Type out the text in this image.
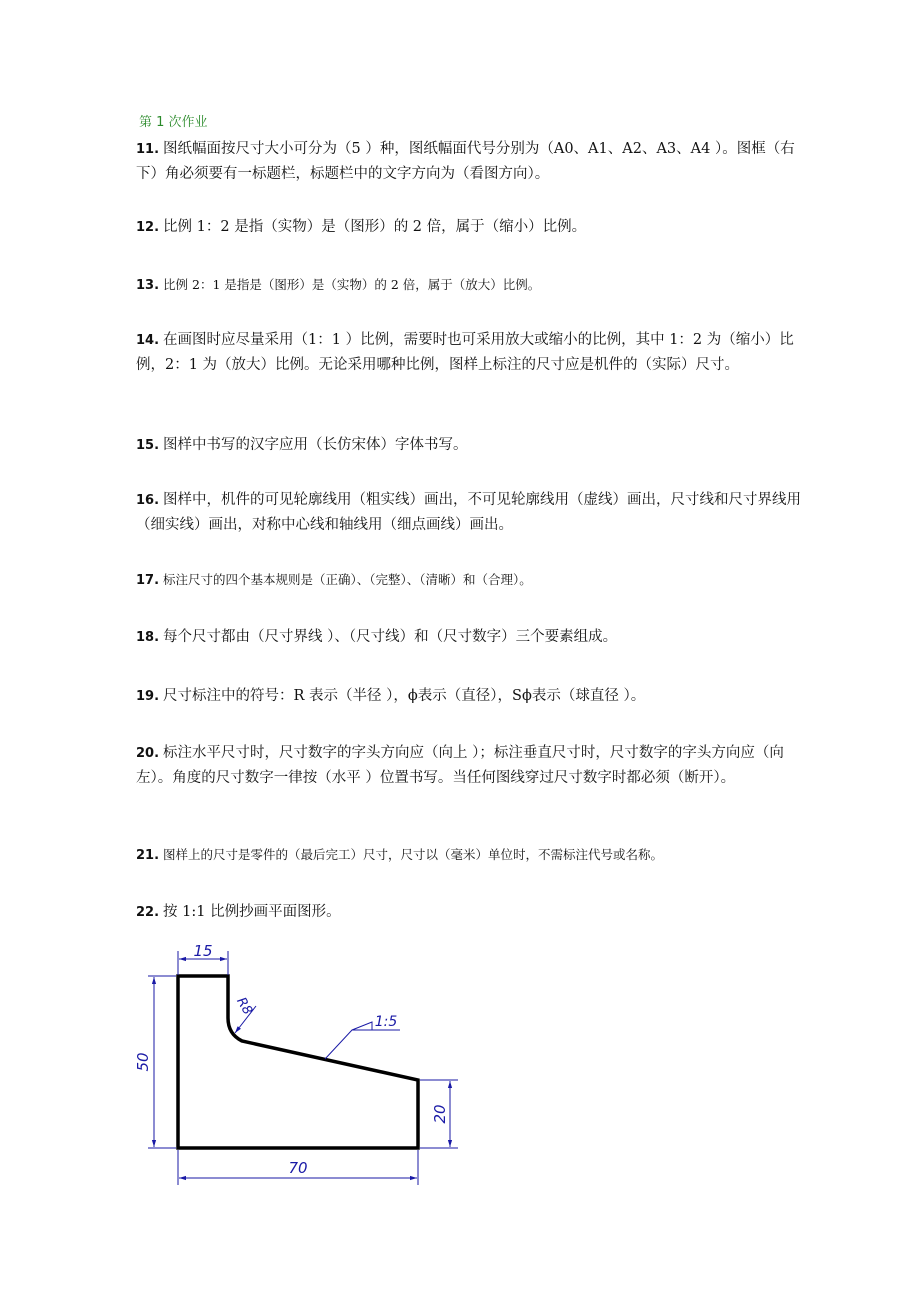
第 1 次作业
11. 图纸幅面按尺寸大小可分为（5 ）种，图纸幅面代号分别为（A0、A1、A2、A3、A4 ）。图框（右下）角必须要有一标题栏，标题栏中的文字方向为（看图方向）。
12. 比例 1：2 是指（实物）是（图形）的 2 倍，属于（缩小）比例。
13. 比例 2：1 是指是（图形）是（实物）的 2 倍，属于（放大）比例。
14. 在画图时应尽量采用（1：1 ）比例，需要时也可采用放大或缩小的比例，其中 1：2 为（缩小）比例，2：1 为（放大）比例。无论采用哪种比例，图样上标注的尺寸应是机件的（实际）尺寸。
15. 图样中书写的汉字应用（长仿宋体）字体书写。
16. 图样中，机件的可见轮廓线用（粗实线）画出，不可见轮廓线用（虚线）画出，尺寸线和尺寸界线用（细实线）画出，对称中心线和轴线用（细点画线）画出。
17. 标注尺寸的四个基本规则是（正确）、（完整）、（清晰）和（合理）。
18. 每个尺寸都由（尺寸界线 ）、（尺寸线）和（尺寸数字）三个要素组成。
19. 尺寸标注中的符号：R 表示（半径 ），ϕ表示（直径），Sϕ表示（球直径 ）。
20. 标注水平尺寸时，尺寸数字的字头方向应（向上 ）；标注垂直尺寸时，尺寸数字的字头方向应（向左）。角度的尺寸数字一律按（水平 ）位置书写。当任何图线穿过尺寸数字时都必须（断开）。
21. 图样上的尺寸是零件的（最后完工）尺寸，尺寸以（毫米）单位时，不需标注代号或名称。
22. 按 1:1 比例抄画平面图形。
15
R8
1:5
50
20
70
